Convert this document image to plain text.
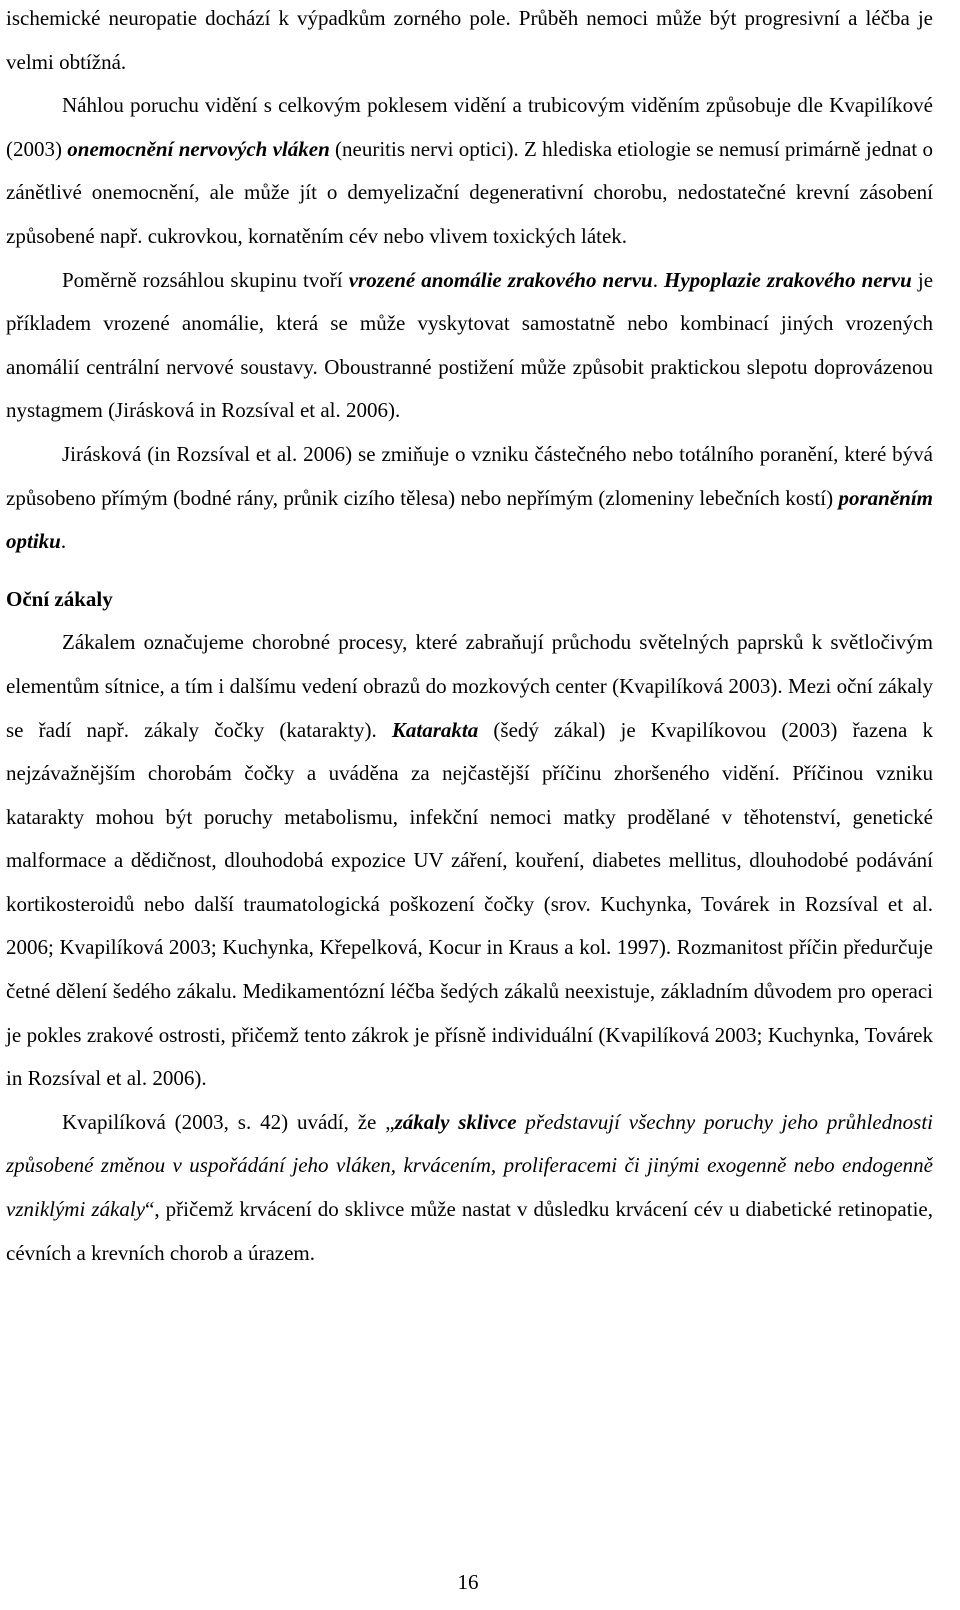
ischemické neuropatie dochází k výpadkům zorného pole. Průběh nemoci může být progresivní a léčba je velmi obtížná.

Náhlou poruchu vidění s celkovým poklesem vidění a trubicovým viděním způsobuje dle Kvapilíkové (2003) onemocnění nervových vláken (neuritis nervi optici). Z hlediska etiologie se nemusí primárně jednat o zánětlivé onemocnění, ale může jít o demyelizační degenerativní chorobu, nedostatečné krevní zásobení způsobené např. cukrovkou, kornatěním cév nebo vlivem toxických látek.

Poměrně rozsáhlou skupinu tvoří vrozené anomálie zrakového nervu. Hypoplazie zrakového nervu je příkladem vrozené anomálie, která se může vyskytovat samostatně nebo kombinací jiných vrozených anomálií centrální nervové soustavy. Oboustranné postižení může způsobit praktickou slepotu doprovázenou nystagmem (Jirásková in Rozsíval et al. 2006).

Jirásková (in Rozsíval et al. 2006) se zmiňuje o vzniku částečného nebo totálního poranění, které bývá způsobeno přímým (bodné rány, průnik cizího tělesa) nebo nepřímým (zlomeniny lebečních kostí) poraněním optiku.

Oční zákaly

Zákalem označujeme chorobné procesy, které zabraňují průchodu světelných paprsků k světločivým elementům sítnice, a tím i dalšímu vedení obrazů do mozkových center (Kvapilíková 2003). Mezi oční zákaly se řadí např. zákaly čočky (katarakty). Katarakta (šedý zákal) je Kvapilíkovou (2003) řazena k nejzávažnějším chorobám čočky a uváděna za nejčastější příčinu zhoršeného vidění. Příčinou vzniku katarakty mohou být poruchy metabolismu, infekční nemoci matky prodělané v těhotenství, genetické malformace a dědičnost, dlouhodobá expozice UV záření, kouření, diabetes mellitus, dlouhodobé podávání kortikosteroidů nebo další traumatologická poškození čočky (srov. Kuchynka, Továrek in Rozsíval et al. 2006; Kvapilíková 2003; Kuchynka, Křepelková, Kocur in Kraus a kol. 1997). Rozmanitost příčin předurčuje četné dělení šedého zákalu. Medikamentózní léčba šedých zákalů neexistuje, základním důvodem pro operaci je pokles zrakové ostrosti, přičemž tento zákrok je přísně individuální (Kvapilíková 2003; Kuchynka, Továrek in Rozsíval et al. 2006).

Kvapilíková (2003, s. 42) uvádí, že „zákaly sklivce představují všechny poruchy jeho průhlednosti způsobené změnou v uspořádání jeho vláken, krvácením, proliferacemi či jinými exogenně nebo endogenně vzniklými zákaly“, přičemž krvácení do sklivce může nastat v důsledku krvácení cév u diabetické retinopatie, cévních a krevních chorob a úrazem.

16
